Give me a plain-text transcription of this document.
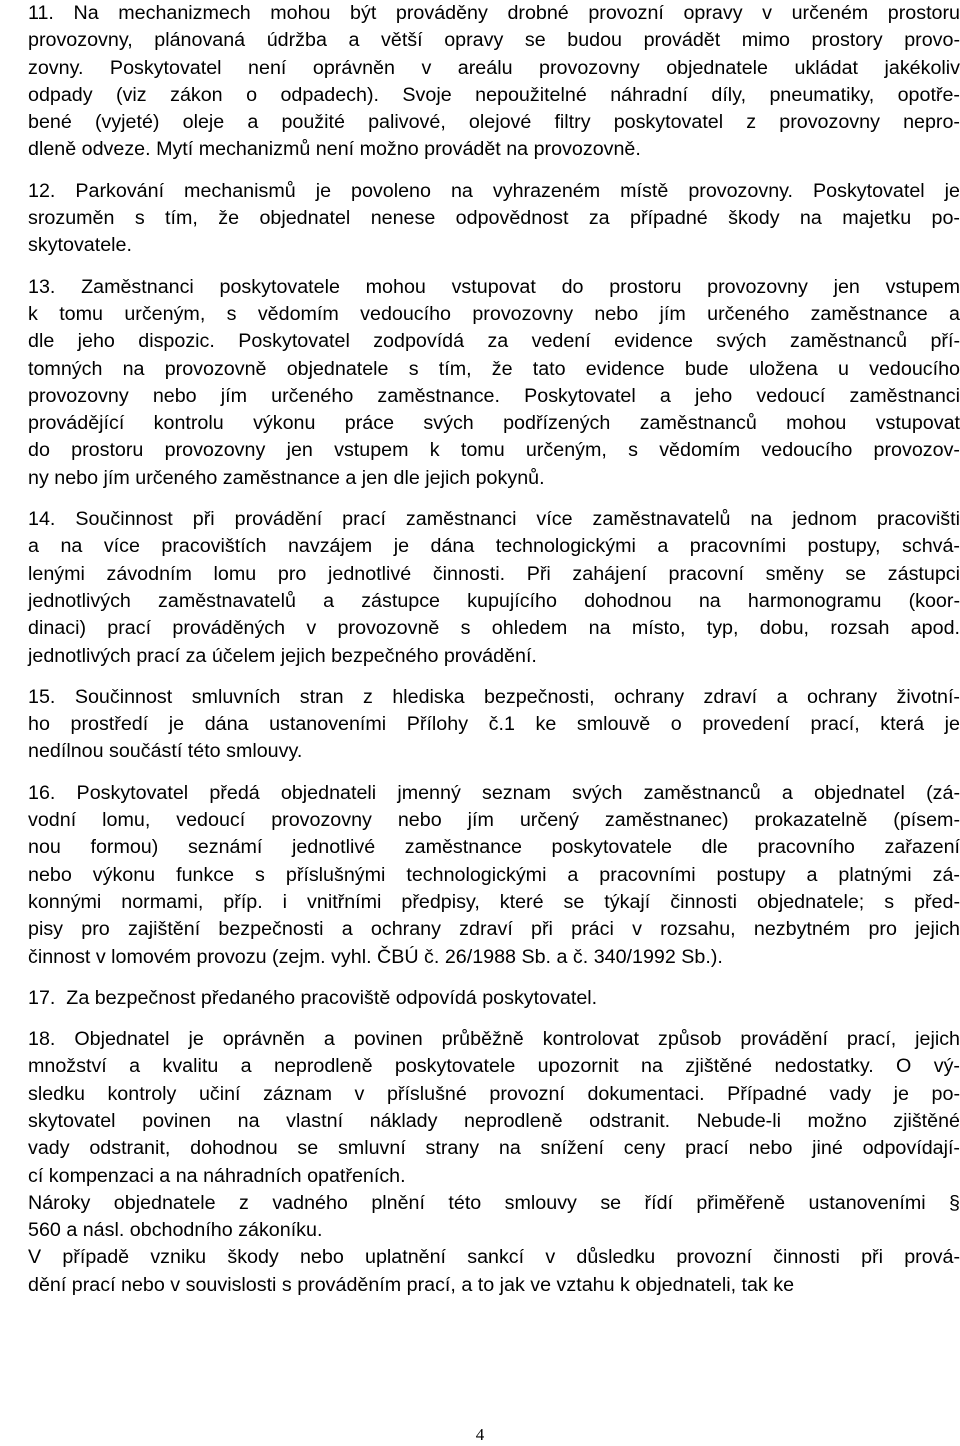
11. Na mechanizmech mohou být prováděny drobné provozní opravy v určeném prostoru
provozovny, plánovaná údržba a větší opravy se budou provádět mimo prostory provo-
zovny. Poskytovatel není oprávněn v areálu provozovny objednatele ukládat jakékoliv
odpady (viz zákon o odpadech). Svoje nepoužitelné náhradní díly, pneumatiky, opotře-
bené (vyjeté) oleje a použité palivové, olejové filtry poskytovatel z provozovny nepro-
dleně odveze. Mytí mechanizmů není možno provádět na provozovně.
12. Parkování mechanismů je povoleno na vyhrazeném místě provozovny. Poskytovatel je
srozuměn s tím, že objednatel nenese odpovědnost za případné škody na majetku po-
skytovatele.
13. Zaměstnanci poskytovatele mohou vstupovat do prostoru provozovny jen vstupem
k tomu určeným, s vědomím vedoucího provozovny nebo jím určeného zaměstnance a
dle jeho dispozic. Poskytovatel zodpovídá za vedení evidence svých zaměstnanců pří-
tomných na provozovně objednatele s tím, že tato evidence bude uložena u vedoucího
provozovny nebo jím určeného zaměstnance. Poskytovatel a jeho vedoucí zaměstnanci
provádějící kontrolu výkonu práce svých podřízených zaměstnanců mohou vstupovat
do prostoru provozovny jen vstupem k tomu určeným, s vědomím vedoucího provozov-
ny nebo jím určeného zaměstnance a jen dle jejich pokynů.
14. Součinnost při provádění prací zaměstnanci více zaměstnavatelů na jednom pracovišti
a na více pracovištích navzájem je dána technologickými a pracovními postupy, schvá-
lenými závodním lomu pro jednotlivé činnosti. Při zahájení pracovní směny se zástupci
jednotlivých zaměstnavatelů a zástupce kupujícího dohodnou na harmonogramu (koor-
dinaci) prací prováděných v provozovně s ohledem na místo, typ, dobu, rozsah apod.
jednotlivých prací za účelem jejich bezpečného provádění.
15. Součinnost smluvních stran z hlediska bezpečnosti, ochrany zdraví a ochrany životní-
ho prostředí je dána ustanoveními Přílohy č.1 ke smlouvě o provedení prací, která je
nedílnou součástí této smlouvy.
16. Poskytovatel předá objednateli jmenný seznam svých zaměstnanců a objednatel (zá-
vodní lomu, vedoucí provozovny nebo jím určený zaměstnanec) prokazatelně (písem-
nou formou) seznámí jednotlivé zaměstnance poskytovatele dle pracovního zařazení
nebo výkonu funkce s příslušnými technologickými a pracovními postupy a platnými zá-
konnými normami, příp. i vnitřními předpisy, které se týkají činnosti objednatele; s před-
pisy pro zajištění bezpečnosti a ochrany zdraví při práci v rozsahu, nezbytném pro jejich
činnost v lomovém provozu (zejm. vyhl. ČBÚ č. 26/1988 Sb. a č. 340/1992 Sb.).
17.  Za bezpečnost předaného pracoviště odpovídá poskytovatel.
18. Objednatel je oprávněn a povinen průběžně kontrolovat způsob provádění prací, jejich
množství a kvalitu a neprodleně poskytovatele upozornit na zjištěné nedostatky. O vý-
sledku kontroly učiní záznam v příslušné provozní dokumentaci. Případné vady je po-
skytovatel povinen na vlastní náklady neprodleně odstranit. Nebude-li možno zjištěné
vady odstranit, dohodnou se smluvní strany na snížení ceny prací nebo jiné odpovídají-
cí kompenzaci a na náhradních opatřeních.
Nároky objednatele z vadného plnění této smlouvy se řídí přiměřeně ustanoveními §
560 a násl. obchodního zákoníku.
V případě vzniku škody nebo uplatnění sankcí v důsledku provozní činnosti při prová-
dění prací nebo v souvislosti s prováděním prací, a to jak ve vztahu k objednateli, tak ke
4
